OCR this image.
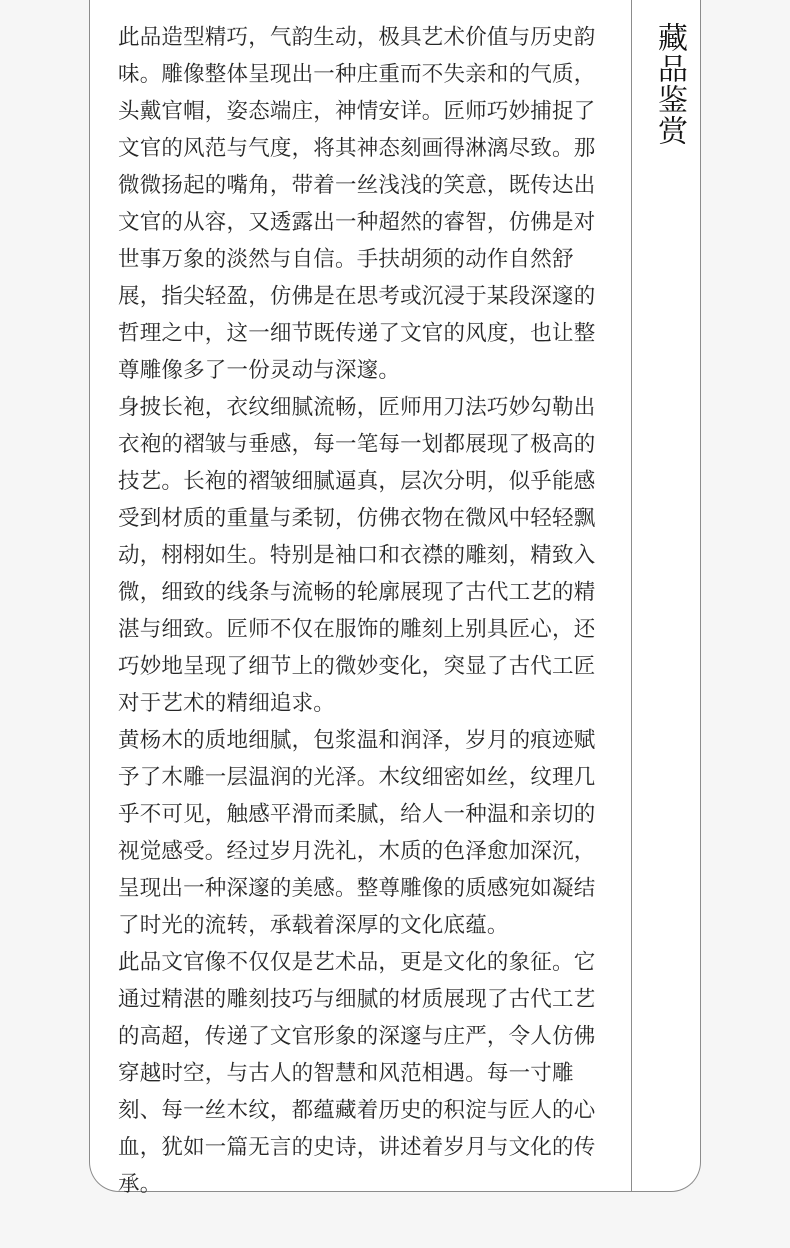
此品造型精巧，气韵生动，极具艺术价值与历史韵味。雕像整体呈现出一种庄重而不失亲和的气质，头戴官帽，姿态端庄，神情安详。匠师巧妙捕捉了文官的风范与气度，将其神态刻画得淋漓尽致。那微微扬起的嘴角，带着一丝浅浅的笑意，既传达出文官的从容，又透露出一种超然的睿智，仿佛是对世事万象的淡然与自信。手扶胡须的动作自然舒展，指尖轻盈，仿佛是在思考或沉浸于某段深邃的哲理之中，这一细节既传递了文官的风度，也让整尊雕像多了一份灵动与深邃。

身披长袍，衣纹细腻流畅，匠师用刀法巧妙勾勒出衣袍的褶皱与垂感，每一笔每一划都展现了极高的技艺。长袍的褶皱细腻逼真，层次分明，似乎能感受到材质的重量与柔韧，仿佛衣物在微风中轻轻飘动，栩栩如生。特别是袖口和衣襟的雕刻，精致入微，细致的线条与流畅的轮廓展现了古代工艺的精湛与细致。匠师不仅在服饰的雕刻上别具匠心，还巧妙地呈现了细节上的微妙变化，突显了古代工匠对于艺术的精细追求。

黄杨木的质地细腻，包浆温和润泽，岁月的痕迹赋予了木雕一层温润的光泽。木纹细密如丝，纹理几乎不可见，触感平滑而柔腻，给人一种温和亲切的视觉感受。经过岁月洗礼，木质的色泽愈加深沉，呈现出一种深邃的美感。整尊雕像的质感宛如凝结了时光的流转，承载着深厚的文化底蕴。

此品文官像不仅仅是艺术品，更是文化的象征。它通过精湛的雕刻技巧与细腻的材质展现了古代工艺的高超，传递了文官形象的深邃与庄严，令人仿佛穿越时空，与古人的智慧和风范相遇。每一寸雕刻、每一丝木纹，都蕴藏着历史的积淀与匠人的心血，犹如一篇无言的史诗，讲述着岁月与文化的传承。

藏品鉴赏
